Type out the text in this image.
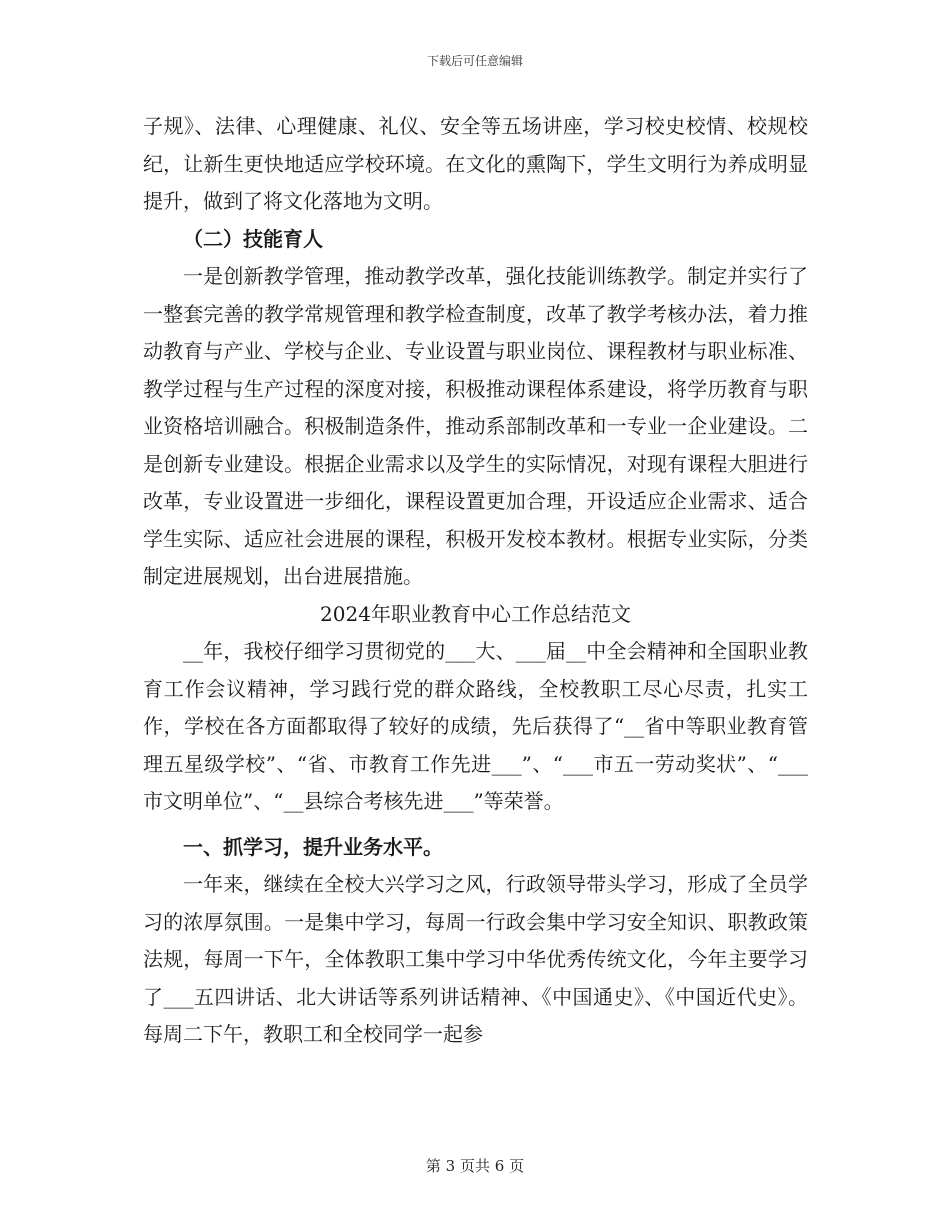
下载后可任意编辑

子规》、法律、心理健康、礼仪、安全等五场讲座，学习校史校情、校规校纪，让新生更快地适应学校环境。在文化的熏陶下，学生文明行为养成明显提升，做到了将文化落地为文明。

（二）技能育人

一是创新教学管理，推动教学改革，强化技能训练教学。制定并实行了一整套完善的教学常规管理和教学检查制度，改革了教学考核办法，着力推动教育与产业、学校与企业、专业设置与职业岗位、课程教材与职业标准、教学过程与生产过程的深度对接，积极推动课程体系建设，将学历教育与职业资格培训融合。积极制造条件，推动系部制改革和一专业一企业建设。二是创新专业建设。根据企业需求以及学生的实际情况，对现有课程大胆进行改革，专业设置进一步细化，课程设置更加合理，开设适应企业需求、适合学生实际、适应社会进展的课程，积极开发校本教材。根据专业实际，分类制定进展规划，出台进展措施。

2024年职业教育中心工作总结范文

__年，我校仔细学习贯彻党的___大、___届__中全会精神和全国职业教育工作会议精神，学习践行党的群众路线，全校教职工尽心尽责，扎实工作，学校在各方面都取得了较好的成绩，先后获得了“__省中等职业教育管理五星级学校”、“省、市教育工作先进___”、“___市五一劳动奖状”、“___市文明单位”、“__县综合考核先进___”等荣誉。

一、抓学习，提升业务水平。

一年来，继续在全校大兴学习之风，行政领导带头学习，形成了全员学习的浓厚氛围。一是集中学习，每周一行政会集中学习安全知识、职教政策法规，每周一下午，全体教职工集中学习中华优秀传统文化，今年主要学习了___五四讲话、北大讲话等系列讲话精神、《中国通史》、《中国近代史》。每周二下午，教职工和全校同学一起参

第 3 页共 6 页
